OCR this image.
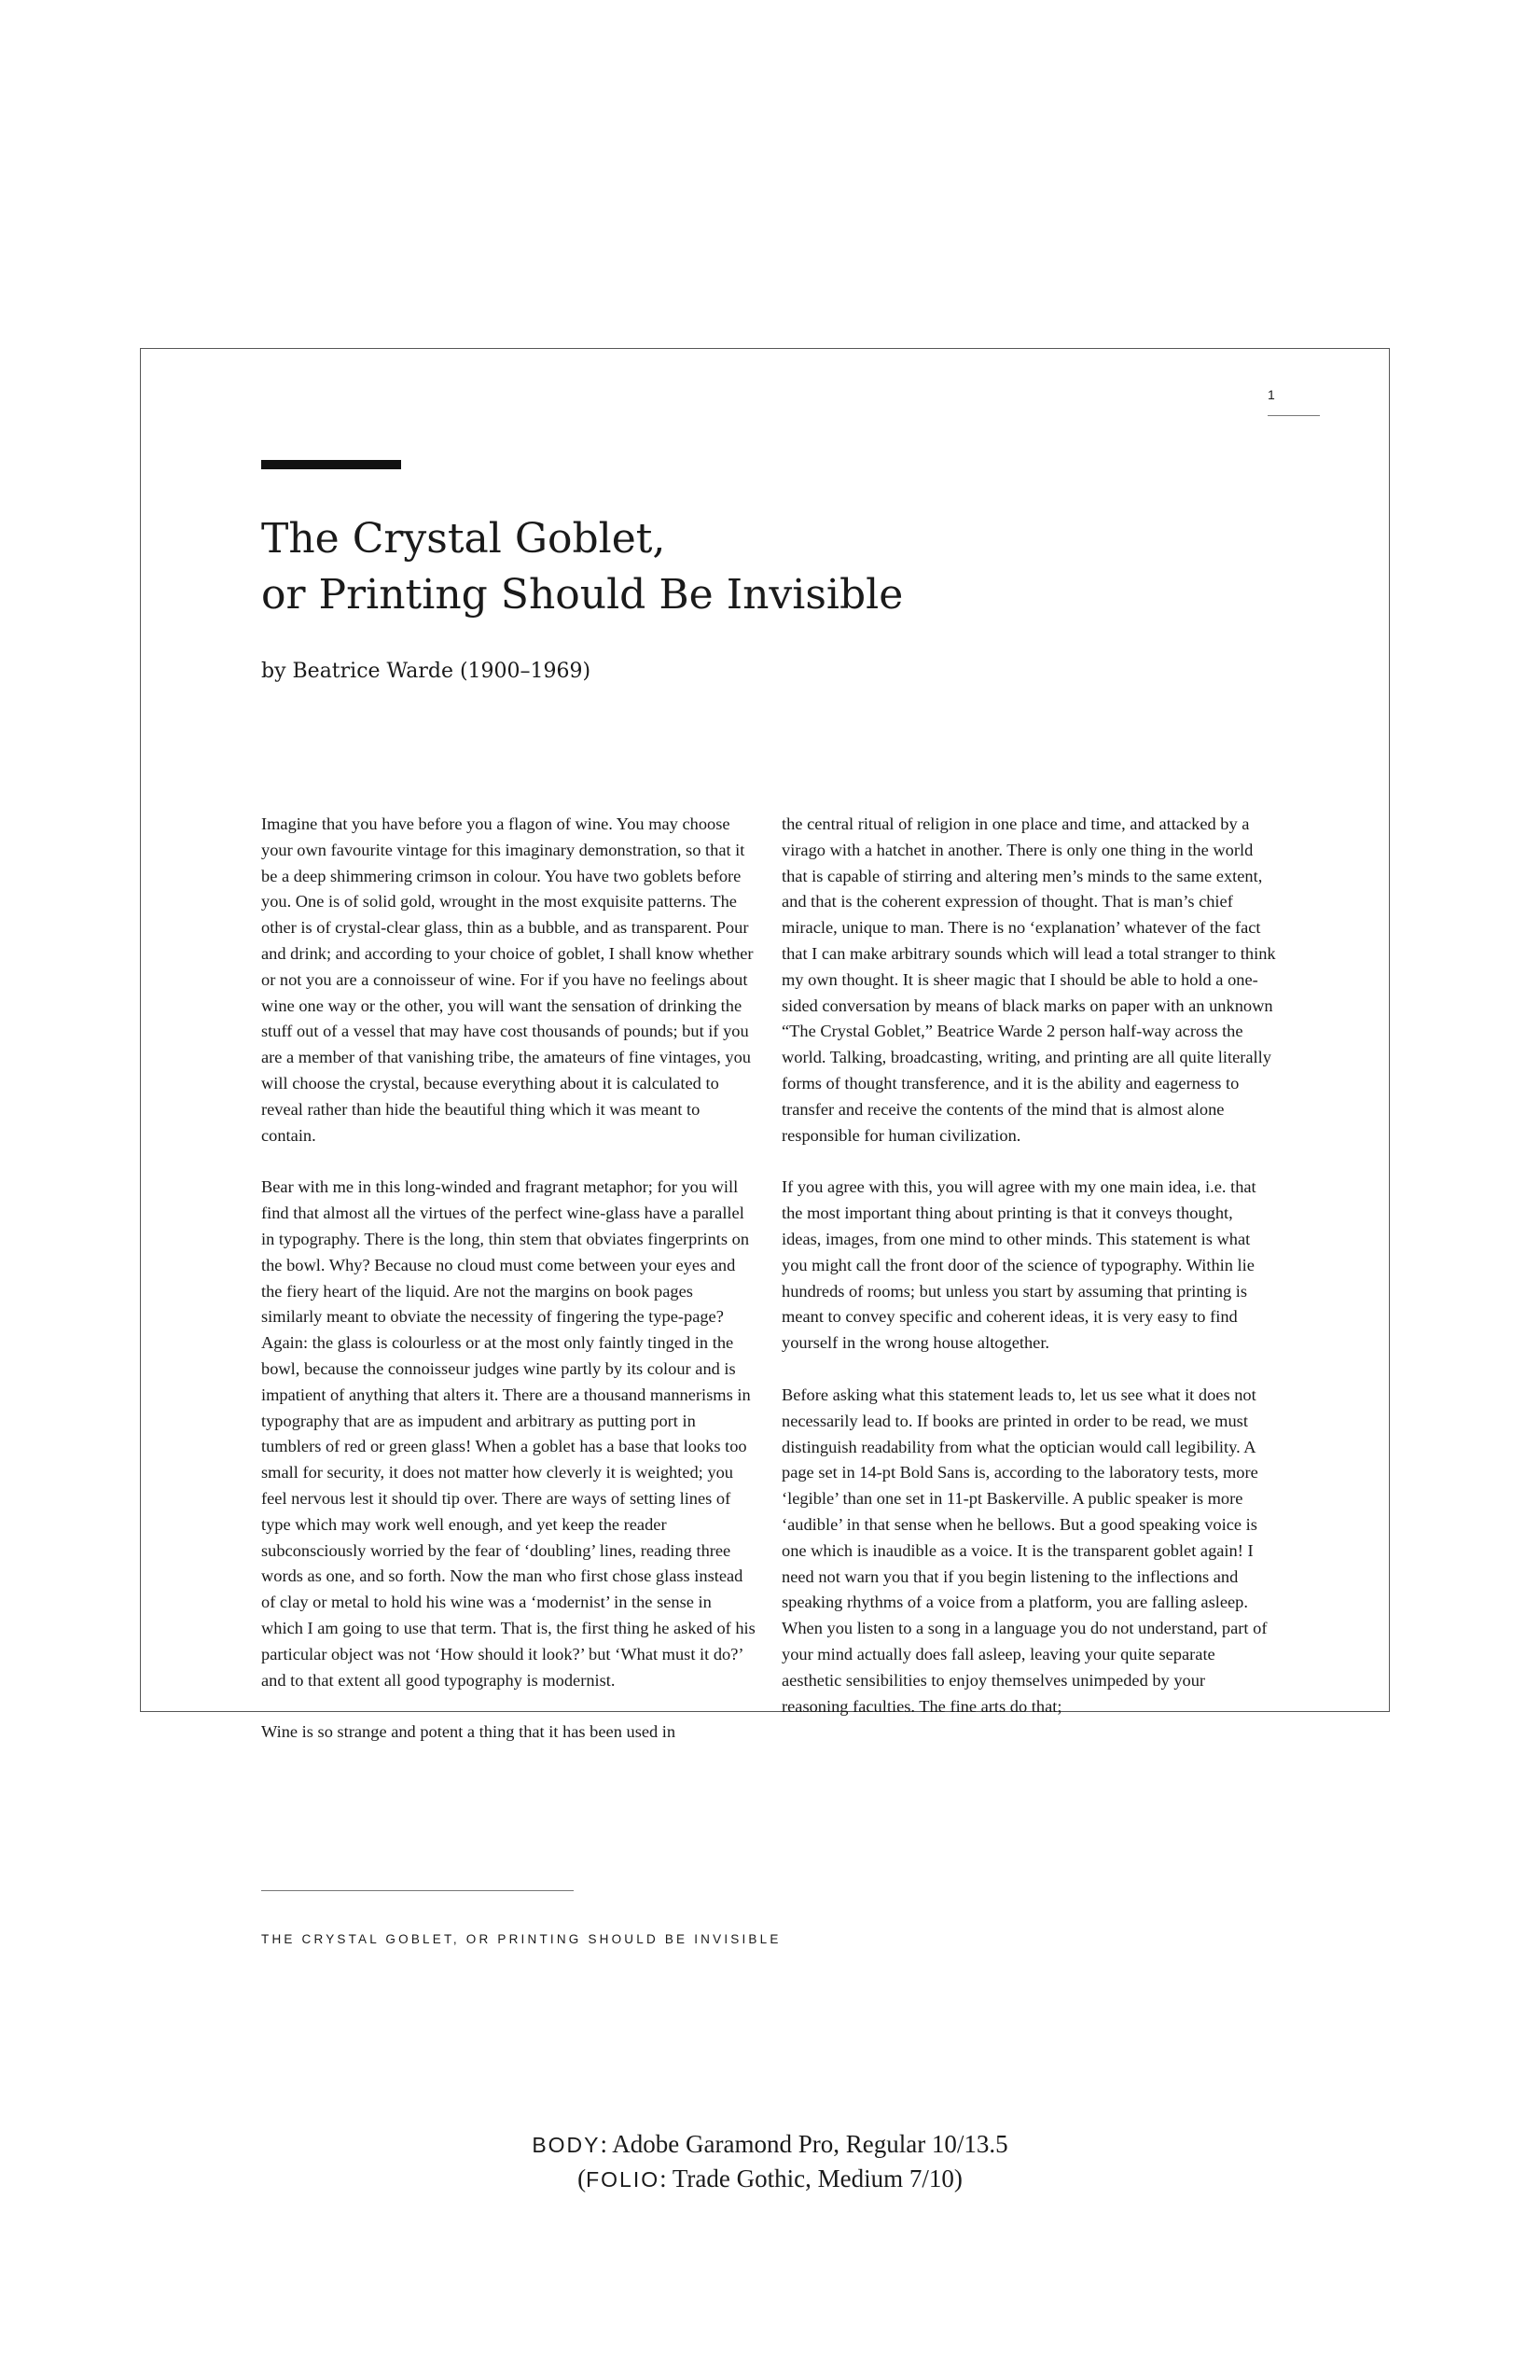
1
The Crystal Goblet,
or Printing Should Be Invisible
by Beatrice Warde (1900–1969)

Imagine that you have before you a flagon of wine. You may choose your own favourite vintage for this imaginary demonstration, so that it be a deep shimmering crimson in colour. You have two goblets before you. One is of solid gold, wrought in the most exquisite patterns. The other is of crystal-clear glass, thin as a bubble, and as transparent. Pour and drink; and according to your choice of goblet, I shall know whether or not you are a connoisseur of wine. For if you have no feelings about wine one way or the other, you will want the sensation of drinking the stuff out of a vessel that may have cost thousands of pounds; but if you are a member of that vanishing tribe, the amateurs of fine vintages, you will choose the crystal, because everything about it is calculated to reveal rather than hide the beautiful thing which it was meant to contain.

Bear with me in this long-winded and fragrant metaphor; for you will find that almost all the virtues of the perfect wine-glass have a parallel in typography. There is the long, thin stem that obviates fingerprints on the bowl. Why? Because no cloud must come between your eyes and the fiery heart of the liquid. Are not the margins on book pages similarly meant to obviate the necessity of fingering the type-page? Again: the glass is colourless or at the most only faintly tinged in the bowl, because the connoisseur judges wine partly by its colour and is impatient of anything that alters it. There are a thousand mannerisms in typography that are as impudent and arbitrary as putting port in tumblers of red or green glass! When a goblet has a base that looks too small for security, it does not matter how cleverly it is weighted; you feel nervous lest it should tip over. There are ways of setting lines of type which may work well enough, and yet keep the reader subconsciously worried by the fear of ‘doubling’ lines, reading three words as one, and so forth. Now the man who first chose glass instead of clay or metal to hold his wine was a ‘modernist’ in the sense in which I am going to use that term. That is, the first thing he asked of his particular object was not ‘How should it look?’ but ‘What must it do?’ and to that extent all good typography is modernist.

Wine is so strange and potent a thing that it has been used in

the central ritual of religion in one place and time, and attacked by a virago with a hatchet in another. There is only one thing in the world that is capable of stirring and altering men’s minds to the same extent, and that is the coherent expression of thought. That is man’s chief miracle, unique to man. There is no ‘explanation’ whatever of the fact that I can make arbitrary sounds which will lead a total stranger to think my own thought. It is sheer magic that I should be able to hold a one-sided conversation by means of black marks on paper with an unknown “The Crystal Goblet,” Beatrice Warde 2 person half-way across the world. Talking, broadcasting, writing, and printing are all quite literally forms of thought transference, and it is the ability and eagerness to transfer and receive the contents of the mind that is almost alone responsible for human civilization.

If you agree with this, you will agree with my one main idea, i.e. that the most important thing about printing is that it conveys thought, ideas, images, from one mind to other minds. This statement is what you might call the front door of the science of typography. Within lie hundreds of rooms; but unless you start by assuming that printing is meant to convey specific and coherent ideas, it is very easy to find yourself in the wrong house altogether.

Before asking what this statement leads to, let us see what it does not necessarily lead to. If books are printed in order to be read, we must distinguish readability from what the optician would call legibility. A page set in 14-pt Bold Sans is, according to the laboratory tests, more ‘legible’ than one set in 11-pt Baskerville. A public speaker is more ‘audible’ in that sense when he bellows. But a good speaking voice is one which is inaudible as a voice. It is the transparent goblet again! I need not warn you that if you begin listening to the inflections and speaking rhythms of a voice from a platform, you are falling asleep. When you listen to a song in a language you do not understand, part of your mind actually does fall asleep, leaving your quite separate aesthetic sensibilities to enjoy themselves unimpeded by your reasoning faculties. The fine arts do that;

THE CRYSTAL GOBLET, OR PRINTING SHOULD BE INVISIBLE
BODY: Adobe Garamond Pro, Regular 10/13.5
(FOLIO: Trade Gothic, Medium 7/10)
